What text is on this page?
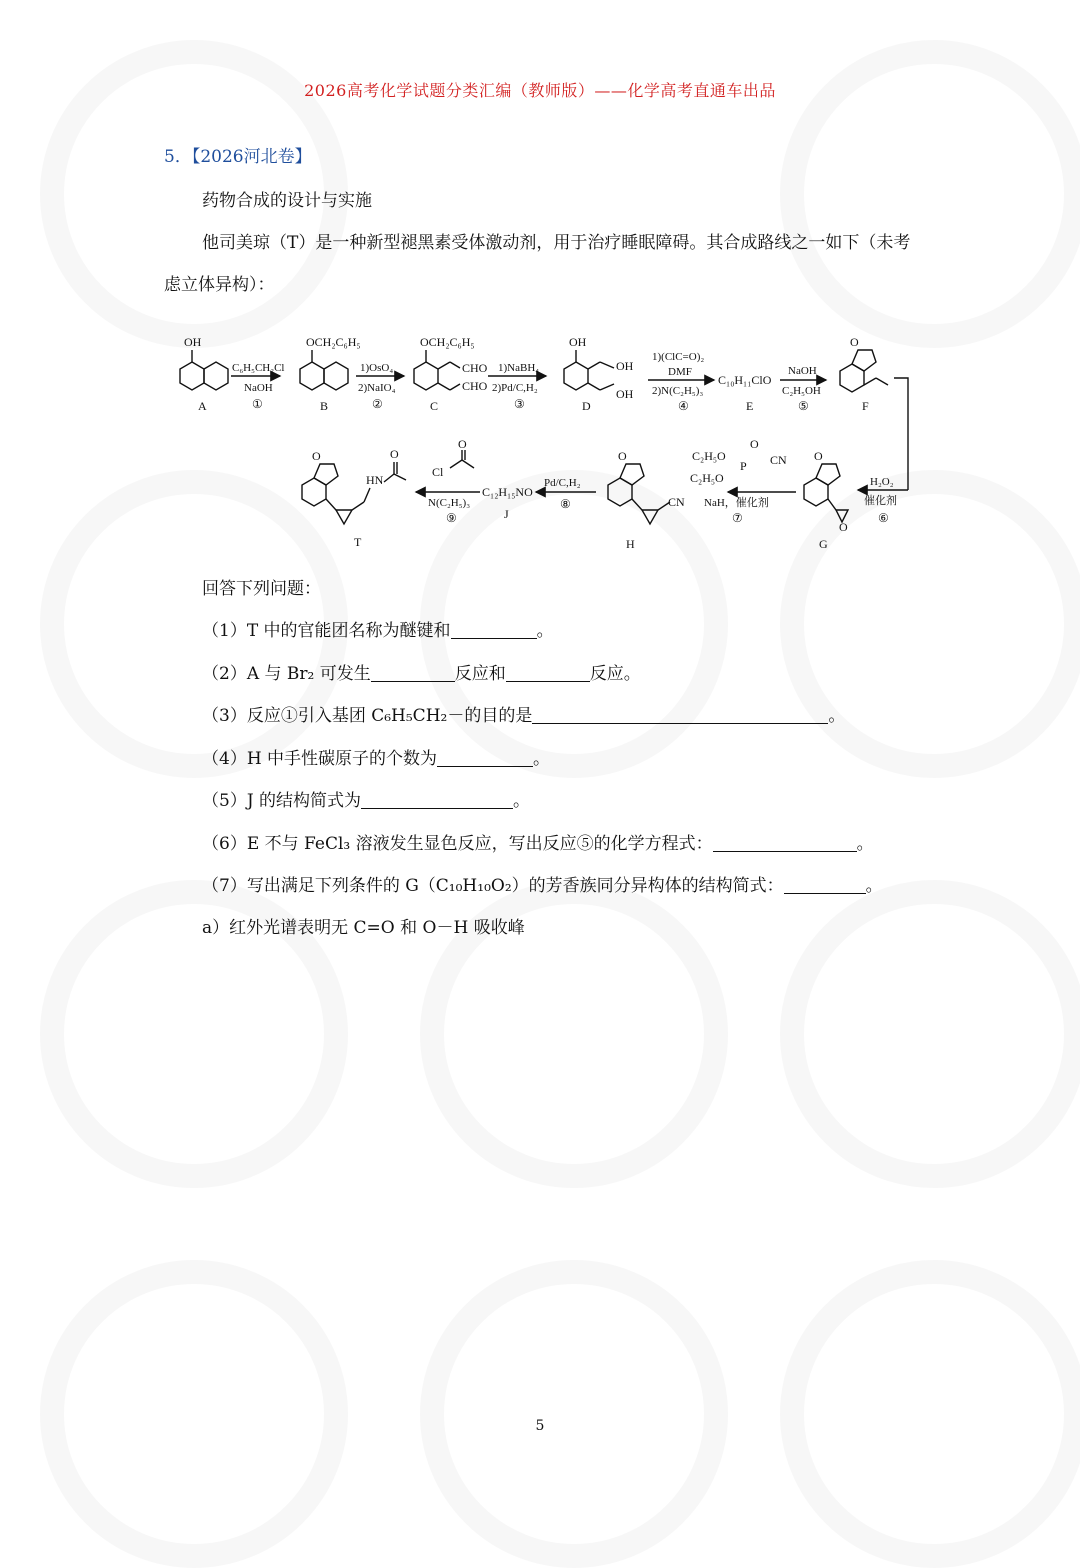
2026高考化学试题分类汇编（教师版）——化学高考直通车出品
5．【2026河北卷】
药物合成的设计与实施
他司美琼（T）是一种新型褪黑素受体激动剂，用于治疗睡眠障碍。其合成路线之一如下（未考虑立体异构）：
A	B	C	D	E	F
G
H
J
T
OH	OCH₂C₆H₅	OCH₂C₆H₅
CHO
CHO
OH
OH
OH
C₁₀H₁₁ClO
O
O
O
O
CN
C₁₂H₁₅NO
O
HN
O
O
Cl
C₂H₅O
C₂H₅O
P
O
CN
C₆H₅CH₂Cl
NaOH
①
1)OsO₄
2)NaIO₄
②
1)NaBH₄
2)Pd/C,H₂
③
1)(ClC=O)₂
DMF
2)N(C₂H₅)₃
④
NaOH
C₂H₅OH
⑤
H₂O₂
催化剂
⑥
NaH，催化剂
⑦
Pd/C,H₂
⑧
N(C₂H₅)₃
⑨
回答下列问题：
（1）T 中的官能团名称为醚键和	。
（2）A 与 Br₂ 可发生	反应和	反应。
（3）反应①引入基团 C₆H₅CH₂－的目的是	。
（4）H 中手性碳原子的个数为	。
（5）J 的结构简式为	。
（6）E 不与 FeCl₃ 溶液发生显色反应，写出反应⑤的化学方程式：	。
（7）写出满足下列条件的 G（C₁₀H₁₀O₂）的芳香族同分异构体的结构简式：	。
a）红外光谱表明无 C=O 和 O－H 吸收峰
5
